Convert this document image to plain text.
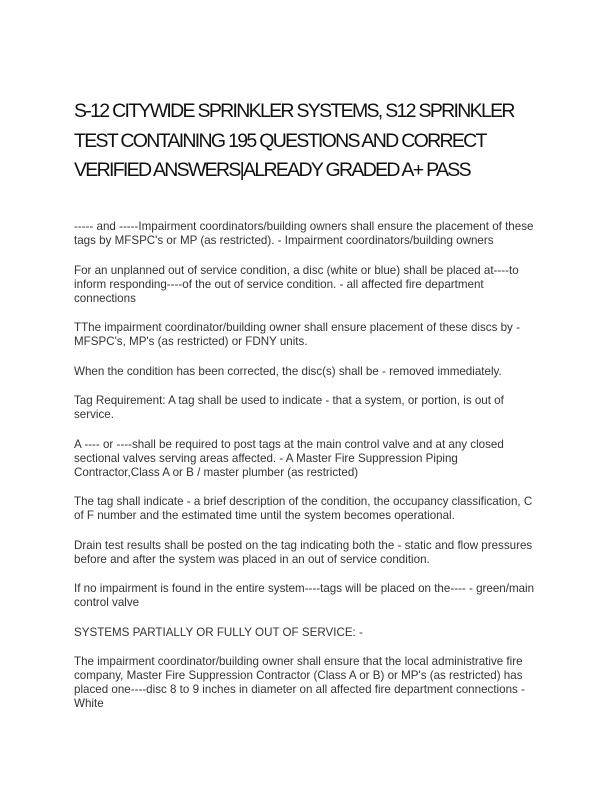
S-12 CITYWIDE SPRINKLER SYSTEMS, S12 SPRINKLER TEST CONTAINING 195 QUESTIONS AND CORRECT VERIFIED ANSWERS|ALREADY GRADED A+ PASS

----- and -----Impairment coordinators/building owners shall ensure the placement of these tags by MFSPC's or MP (as restricted). - Impairment coordinators/building owners

For an unplanned out of service condition, a disc (white or blue) shall be placed at----to inform responding----of the out of service condition. - all affected fire department connections

TThe impairment coordinator/building owner shall ensure placement of these discs by - MFSPC's, MP's (as restricted) or FDNY units.

When the condition has been corrected, the disc(s) shall be - removed immediately.

Tag Requirement: A tag shall be used to indicate - that a system, or portion, is out of service.

A ---- or ----shall be required to post tags at the main control valve and at any closed sectional valves serving areas affected. - A Master Fire Suppression Piping Contractor,Class A or B / master plumber (as restricted)

The tag shall indicate - a brief description of the condition, the occupancy classification, C of F number and the estimated time until the system becomes operational.

Drain test results shall be posted on the tag indicating both the - static and flow pressures before and after the system was placed in an out of service condition.

If no impairment is found in the entire system----tags will be placed on the---- - green/main control valve

SYSTEMS PARTIALLY OR FULLY OUT OF SERVICE: -

The impairment coordinator/building owner shall ensure that the local administrative fire company, Master Fire Suppression Contractor (Class A or B) or MP's (as restricted) has placed one----disc 8 to 9 inches in diameter on all affected fire department connections - White
